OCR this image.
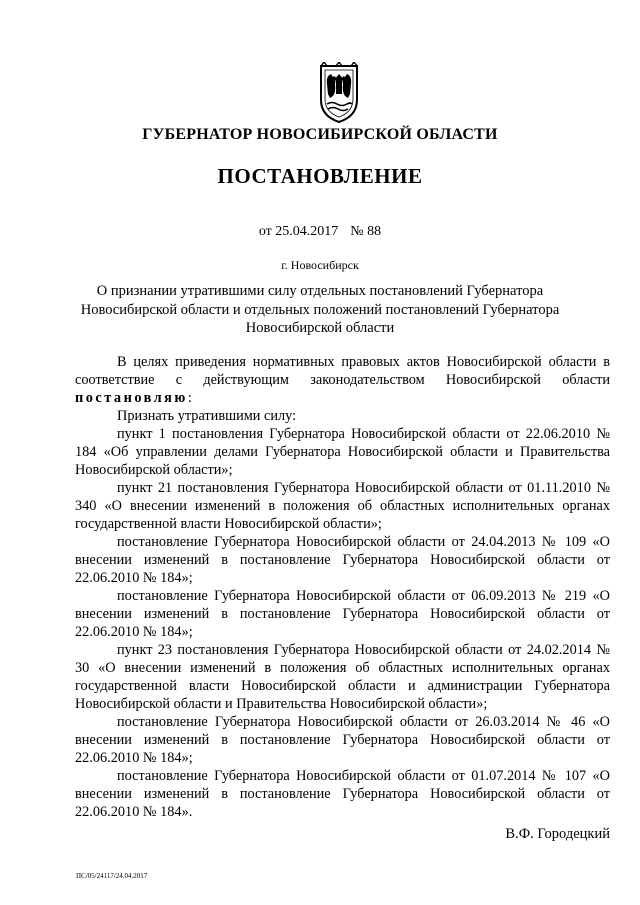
ГУБЕРНАТОР НОВОСИБИРСКОЙ ОБЛАСТИ
ПОСТАНОВЛЕНИЕ
от 25.04.2017 № 88
г. Новосибирск
О признании утратившими силу отдельных постановлений Губернатора Новосибирской области и отдельных положений постановлений Губернатора Новосибирской области

В целях приведения нормативных правовых актов Новосибирской области в соответствие с действующим законодательством Новосибирской области постановляю:

Признать утратившими силу:

пункт 1 постановления Губернатора Новосибирской области от 22.06.2010 № 184 «Об управлении делами Губернатора Новосибирской области и Правительства Новосибирской области»;

пункт 21 постановления Губернатора Новосибирской области от 01.11.2010 № 340 «О внесении изменений в положения об областных исполнительных органах государственной власти Новосибирской области»;

постановление Губернатора Новосибирской области от 24.04.2013 № 109 «О внесении изменений в постановление Губернатора Новосибирской области от 22.06.2010 № 184»;

постановление Губернатора Новосибирской области от 06.09.2013 № 219 «О внесении изменений в постановление Губернатора Новосибирской области от 22.06.2010 № 184»;

пункт 23 постановления Губернатора Новосибирской области от 24.02.2014 № 30 «О внесении изменений в положения об областных исполнительных органах государственной власти Новосибирской области и администрации Губернатора Новосибирской области и Правительства Новосибирской области»;

постановление Губернатора Новосибирской области от 26.03.2014 № 46 «О внесении изменений в постановление Губернатора Новосибирской области от 22.06.2010 № 184»;

постановление Губернатора Новосибирской области от 01.07.2014 № 107 «О внесении изменений в постановление Губернатора Новосибирской области от 22.06.2010 № 184».

В.Ф. Городецкий
ПС/05/24117/24.04.2017
